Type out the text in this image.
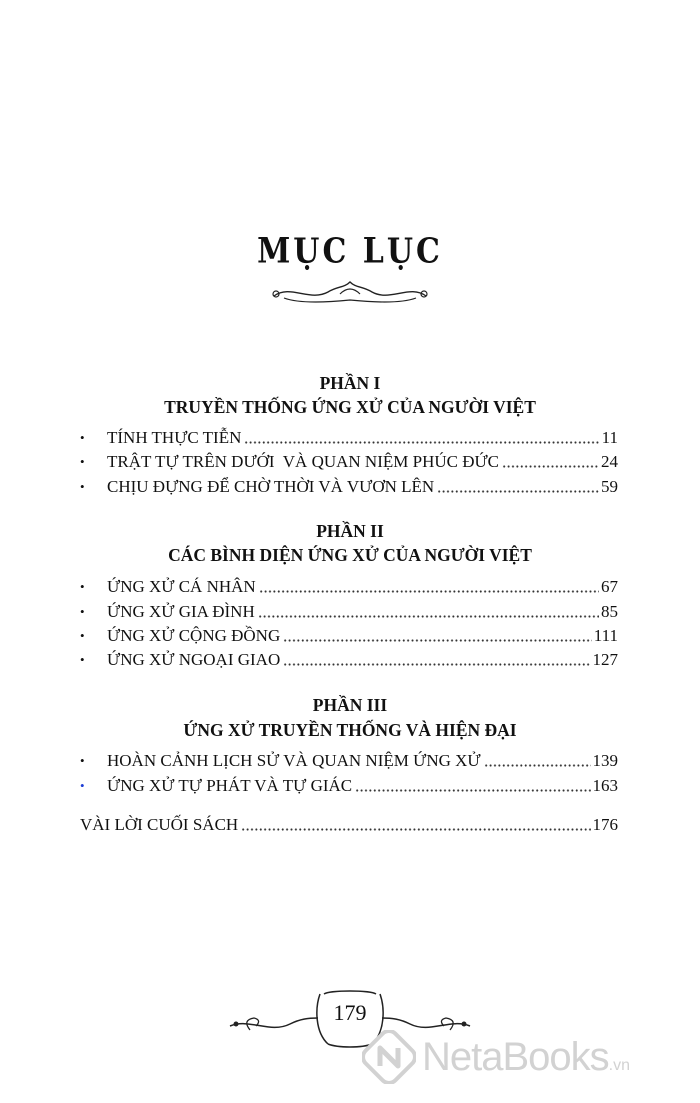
MỤC LỤC
PHẦN I
TRUYỀN THỐNG ỨNG XỬ CỦA NGƯỜI VIỆT
•	TÍNH THỰC TIỄN	11
•	TRẬT TỰ TRÊN DƯỚI  VÀ QUAN NIỆM PHÚC ĐỨC	24
•	CHỊU ĐỰNG ĐỂ CHỜ THỜI VÀ VƯƠN LÊN	59
PHẦN II
CÁC BÌNH DIỆN ỨNG XỬ CỦA NGƯỜI VIỆT
•	ỨNG XỬ CÁ NHÂN	67
•	ỨNG XỬ GIA ĐÌNH	85
•	ỨNG XỬ CỘNG ĐỒNG	111
•	ỨNG XỬ NGOẠI GIAO	127
PHẦN III
ỨNG XỬ TRUYỀN THỐNG VÀ HIỆN ĐẠI
•	HOÀN CẢNH LỊCH SỬ VÀ QUAN NIỆM ỨNG XỬ	139
•	ỨNG XỬ TỰ PHÁT VÀ TỰ GIÁC	163
VÀI LỜI CUỐI SÁCH	176
179
NetaBooks .vn
